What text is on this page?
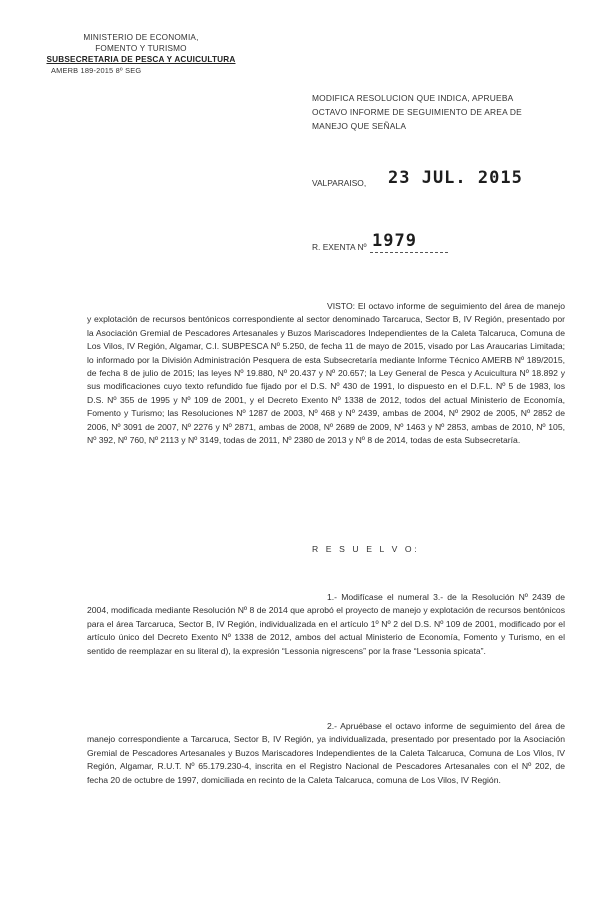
MINISTERIO DE ECONOMIA,
FOMENTO Y TURISMO
SUBSECRETARIA DE PESCA Y ACUICULTURA
AMERB 189-2015 8º SEG
MODIFICA RESOLUCION QUE INDICA, APRUEBA
OCTAVO INFORME DE SEGUIMIENTO DE AREA DE
MANEJO QUE SEÑALA
VALPARAISO, 23 JUL. 2015
R. EXENTA Nº 1979

VISTO: El octavo informe de seguimiento del área de manejo y explotación de recursos bentónicos correspondiente al sector denominado Tarcaruca, Sector B, IV Región, presentado por la Asociación Gremial de Pescadores Artesanales y Buzos Mariscadores Independientes de la Caleta Talcaruca, Comuna de Los Vilos, IV Región, Algamar, C.I. SUBPESCA Nº 5.250, de fecha 11 de mayo de 2015, visado por Las Araucarias Limitada; lo informado por la División Administración Pesquera de esta Subsecretaría mediante Informe Técnico AMERB Nº 189/2015, de fecha 8 de julio de 2015; las leyes Nº 19.880, Nº 20.437 y Nº 20.657; la Ley General de Pesca y Acuicultura Nº 18.892 y sus modificaciones cuyo texto refundido fue fijado por el D.S. Nº 430 de 1991, lo dispuesto en el D.F.L. Nº 5 de 1983, los D.S. Nº 355 de 1995 y Nº 109 de 2001, y el Decreto Exento Nº 1338 de 2012, todos del actual Ministerio de Economía, Fomento y Turismo; las Resoluciones Nº 1287 de 2003, Nº 468 y Nº 2439, ambas de 2004, Nº 2902 de 2005, Nº 2852 de 2006, Nº 3091 de 2007, Nº 2276 y Nº 2871, ambas de 2008, Nº 2689 de 2009, Nº 1463 y Nº 2853, ambas de 2010, Nº 105, Nº 392, Nº 760, Nº 2113 y Nº 3149, todas de 2011, Nº 2380 de 2013 y Nº 8 de 2014, todas de esta Subsecretaría.

R E S U E L V O:

1.- Modifícase el numeral 3.- de la Resolución Nº 2439 de 2004, modificada mediante Resolución Nº 8 de 2014 que aprobó el proyecto de manejo y explotación de recursos bentónicos para el área Tarcaruca, Sector B, IV Región, individualizada en el artículo 1º Nº 2 del D.S. Nº 109 de 2001, modificado por el artículo único del Decreto Exento Nº 1338 de 2012, ambos del actual Ministerio de Economía, Fomento y Turismo, en el sentido de reemplazar en su literal d), la expresión “Lessonia nigrescens” por la frase “Lessonia spicata”.

2.- Apruébase el octavo informe de seguimiento del área de manejo correspondiente a Tarcaruca, Sector B, IV Región, ya individualizada, presentado por presentado por la Asociación Gremial de Pescadores Artesanales y Buzos Mariscadores Independientes de la Caleta Talcaruca, Comuna de Los Vilos, IV Región, Algamar, R.U.T. Nº 65.179.230-4, inscrita en el Registro Nacional de Pescadores Artesanales con el Nº 202, de fecha 20 de octubre de 1997, domiciliada en recinto de la Caleta Talcaruca, comuna de Los Vilos, IV Región.
